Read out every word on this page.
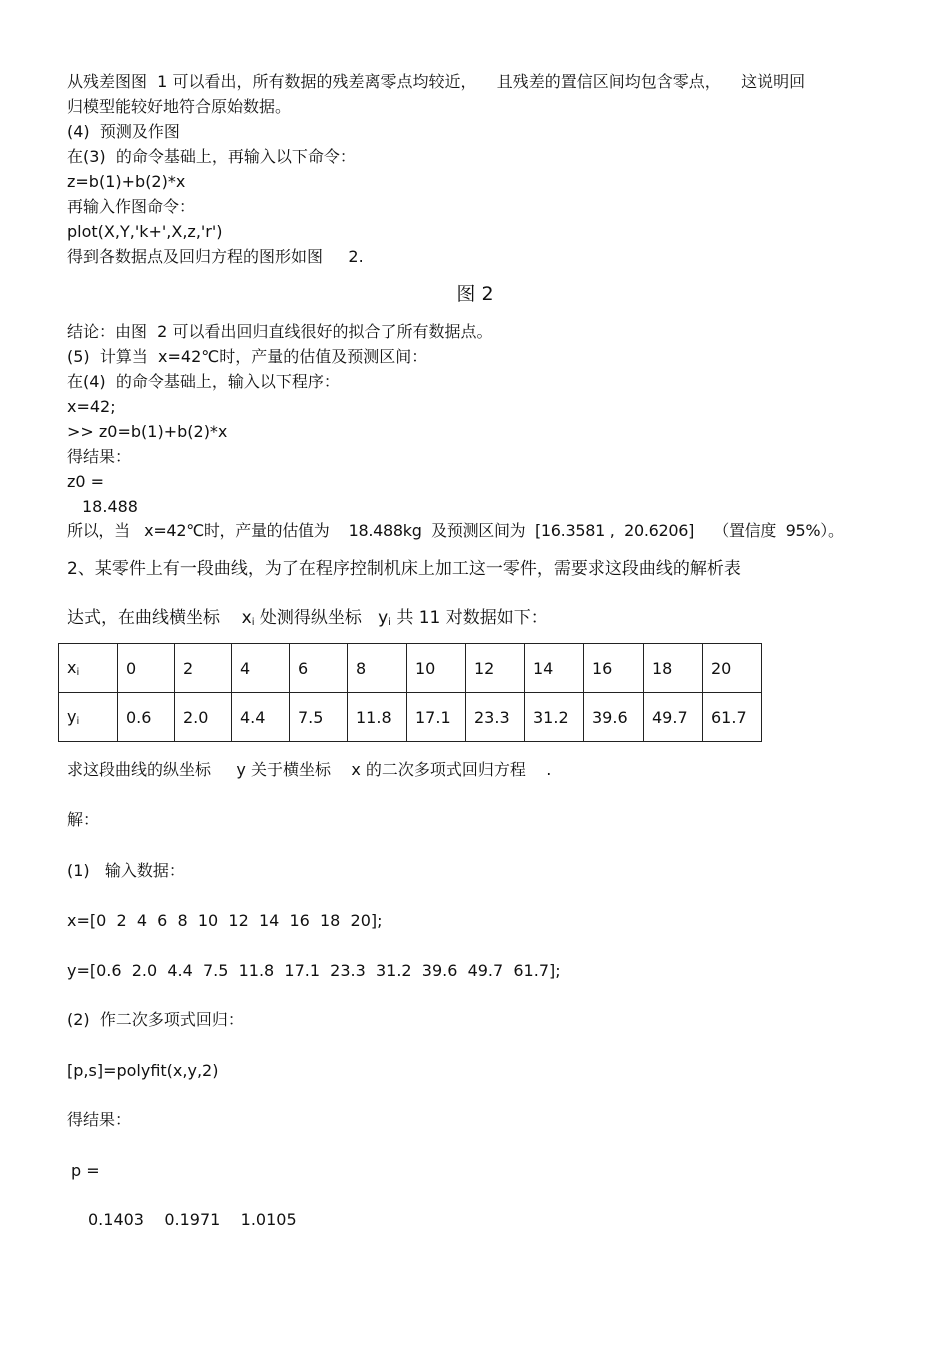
从残差图图  1 可以看出，所有数据的残差离零点均较近，    且残差的置信区间均包含零点，    这说明回
归模型能较好地符合原始数据。
(4)  预测及作图
在(3)  的命令基础上，再输入以下命令：
z=b(1)+b(2)*x
再输入作图命令：
plot(X,Y,'k+',X,z,'r')
得到各数据点及回归方程的图形如图     2.
图 2
结论：由图  2 可以看出回归直线很好的拟合了所有数据点。
(5)  计算当  x=42℃时，产量的估值及预测区间：
在(4)  的命令基础上，输入以下程序：
x=42;
>> z0=b(1)+b(2)*x
得结果：
z0 =
18.488
所以，当   x=42℃时，产量的估值为    18.488kg  及预测区间为  [16.3581 ,  20.6206]    （置信度  95%）。
2、某零件上有一段曲线，为了在程序控制机床上加工这一零件，需要求这段曲线的解析表
达式，在曲线横坐标    $x_i$ 处测得纵坐标   $y_i$ 共 11 对数据如下：
$x_i$	0	2	4	6	8	10	12	14	16	18	20
$y_i$	0.6	2.0	4.4	7.5	11.8	17.1	23.3	31.2	39.6	49.7	61.7
求这段曲线的纵坐标     y 关于横坐标    x 的二次多项式回归方程    .
解：
(1)   输入数据：
x=[0  2  4  6  8  10  12  14  16  18  20];
y=[0.6  2.0  4.4  7.5  11.8  17.1  23.3  31.2  39.6  49.7  61.7];
(2)  作二次多项式回归：
[p,s]=polyfit(x,y,2)
得结果：
p =
0.1403    0.1971    1.0105
